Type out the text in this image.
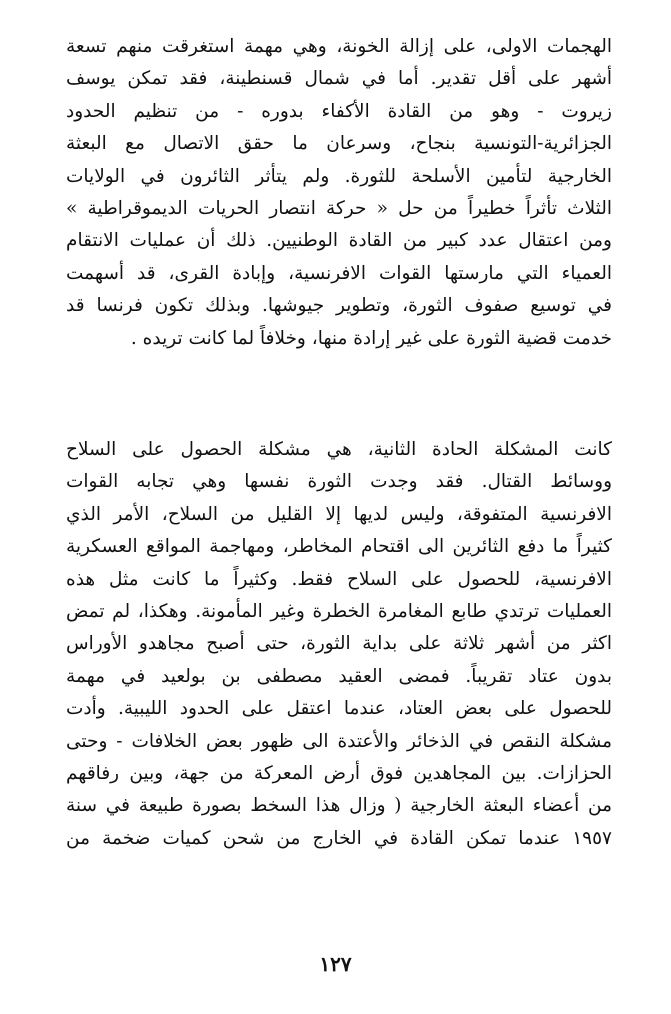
الهجمات الاولى، على إزالة الخونة، وهي مهمة استغرقت منهم تسعة
أشهر على أقل تقدير. أما في شمال قسنطينة، فقد تمكن يوسف
زيروت - وهو من القادة الأكفاء بدوره - من تنظيم الحدود
الجزائرية-التونسية بنجاح، وسرعان ما حقق الاتصال مع البعثة
الخارجية لتأمين الأسلحة للثورة. ولم يتأثر الثائرون في الولايات
الثلاث تأثراً خطيراً من حل « حركة انتصار الحريات الديموقراطية »
ومن اعتقال عدد كبير من القادة الوطنيين. ذلك أن عمليات الانتقام
العمياء التي مارستها القوات الافرنسية، وإبادة القرى، قد أسهمت
في توسيع صفوف الثورة، وتطوير جيوشها. وبذلك تكون فرنسا قد
خدمت قضية الثورة على غير إرادة منها، وخلافاً لما كانت تريده .
كانت المشكلة الحادة الثانية، هي مشكلة الحصول على السلاح
ووسائط القتال. فقد وجدت الثورة نفسها وهي تجابه القوات
الافرنسية المتفوقة، وليس لديها إلا القليل من السلاح، الأمر الذي
كثيراً ما دفع الثائرين الى اقتحام المخاطر، ومهاجمة المواقع العسكرية
الافرنسية، للحصول على السلاح فقط. وكثيراً ما كانت مثل هذه
العمليات ترتدي طابع المغامرة الخطرة وغير المأمونة. وهكذا، لم تمض
اكثر من أشهر ثلاثة على بداية الثورة، حتى أصبح مجاهدو الأوراس
بدون عتاد تقريباً. فمضى العقيد مصطفى بن بولعيد في مهمة
للحصول على بعض العتاد، عندما اعتقل على الحدود الليبية. وأدت
مشكلة النقص في الذخائر والأعتدة الى ظهور بعض الخلافات - وحتى
الحزازات. بين المجاهدين فوق أرض المعركة من جهة، وبين رفاقهم
من أعضاء البعثة الخارجية ( وزال هذا السخط بصورة طبيعة في سنة
١٩٥٧ عندما تمكن القادة في الخارج من شحن كميات ضخمة من
١٢٧
